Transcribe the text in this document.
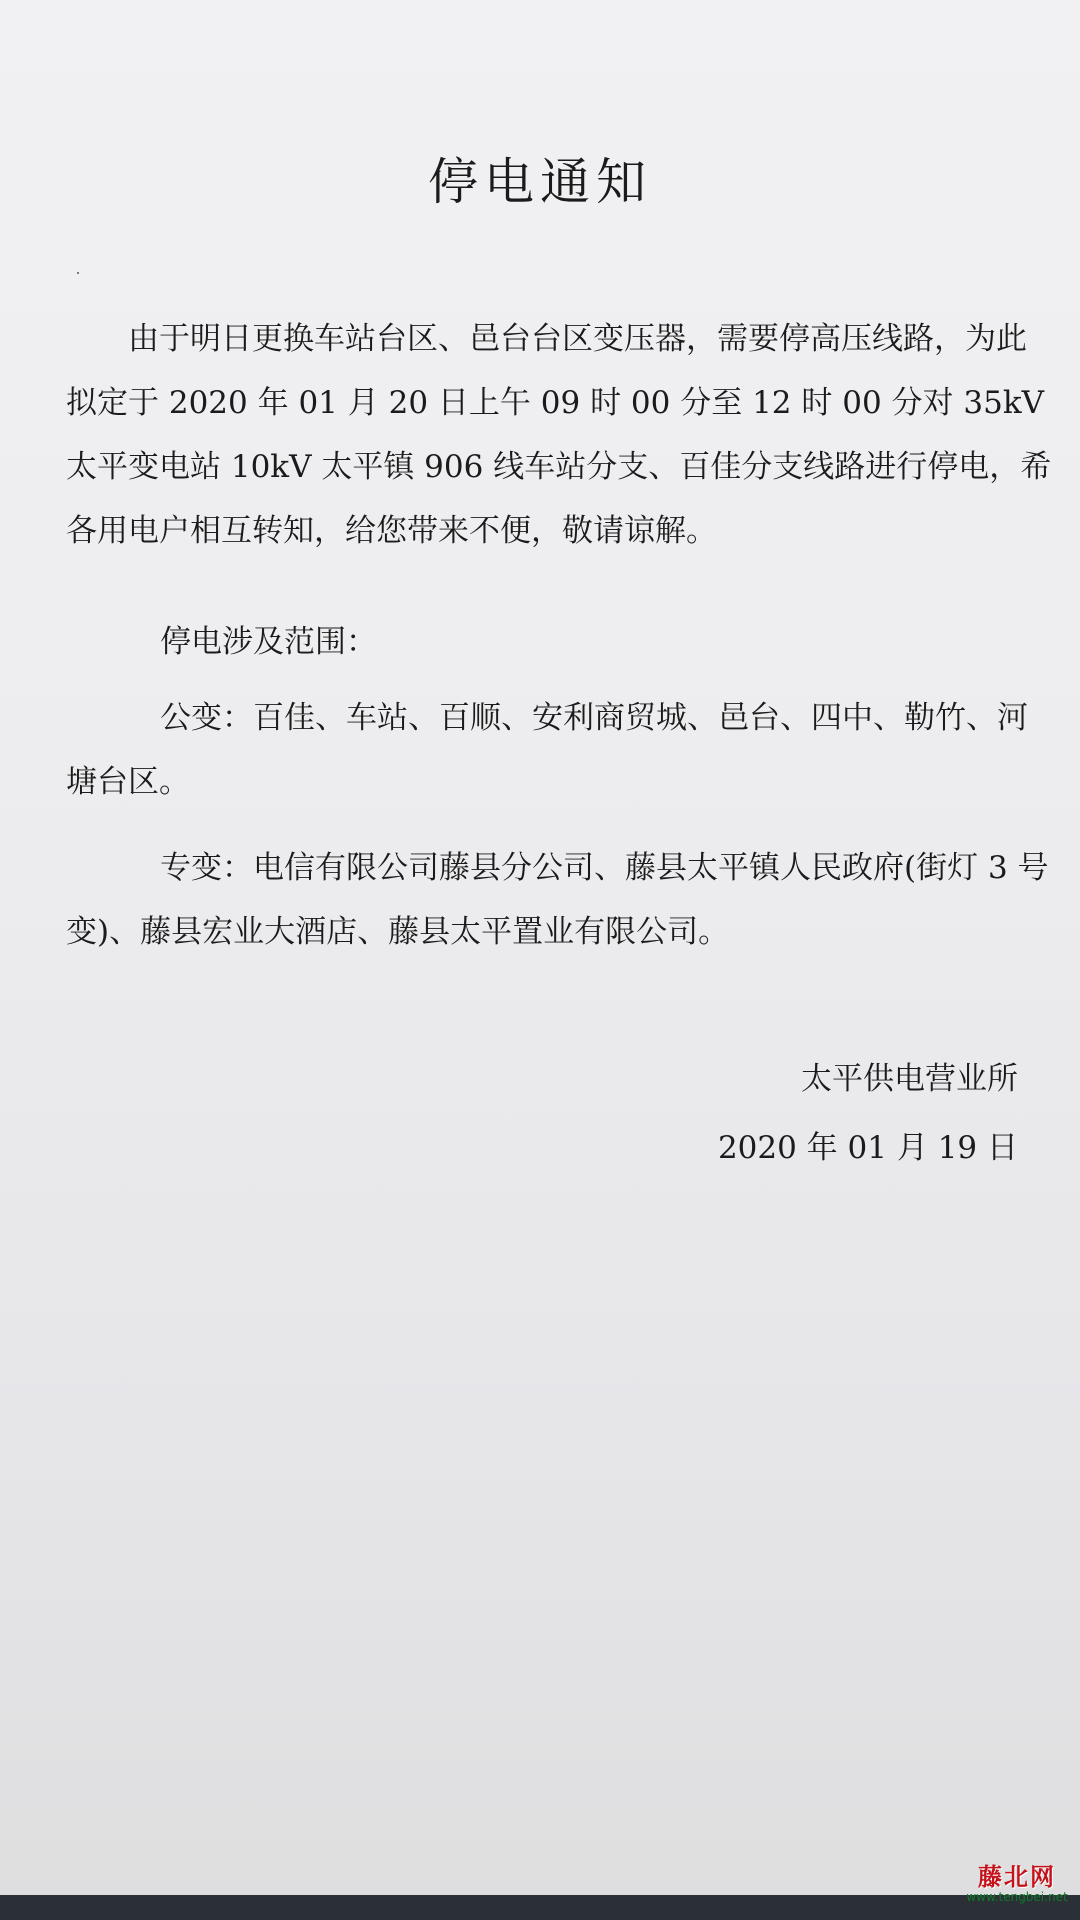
停电通知

由于明日更换车站台区、邑台台区变压器，需要停高压线路，为此拟定于 2020 年 01 月 20 日上午 09 时 00 分至 12 时 00 分对 35kV 太平变电站 10kV 太平镇 906 线车站分支、百佳分支线路进行停电，希各用电户相互转知，给您带来不便，敬请谅解。

停电涉及范围：

公变：百佳、车站、百顺、安利商贸城、邑台、四中、勒竹、河塘台区。

专变：电信有限公司藤县分公司、藤县太平镇人民政府(街灯 3 号变)、藤县宏业大酒店、藤县太平置业有限公司。

太平供电营业所

2020 年 01 月 19 日

藤北网
www.tengbei.net
